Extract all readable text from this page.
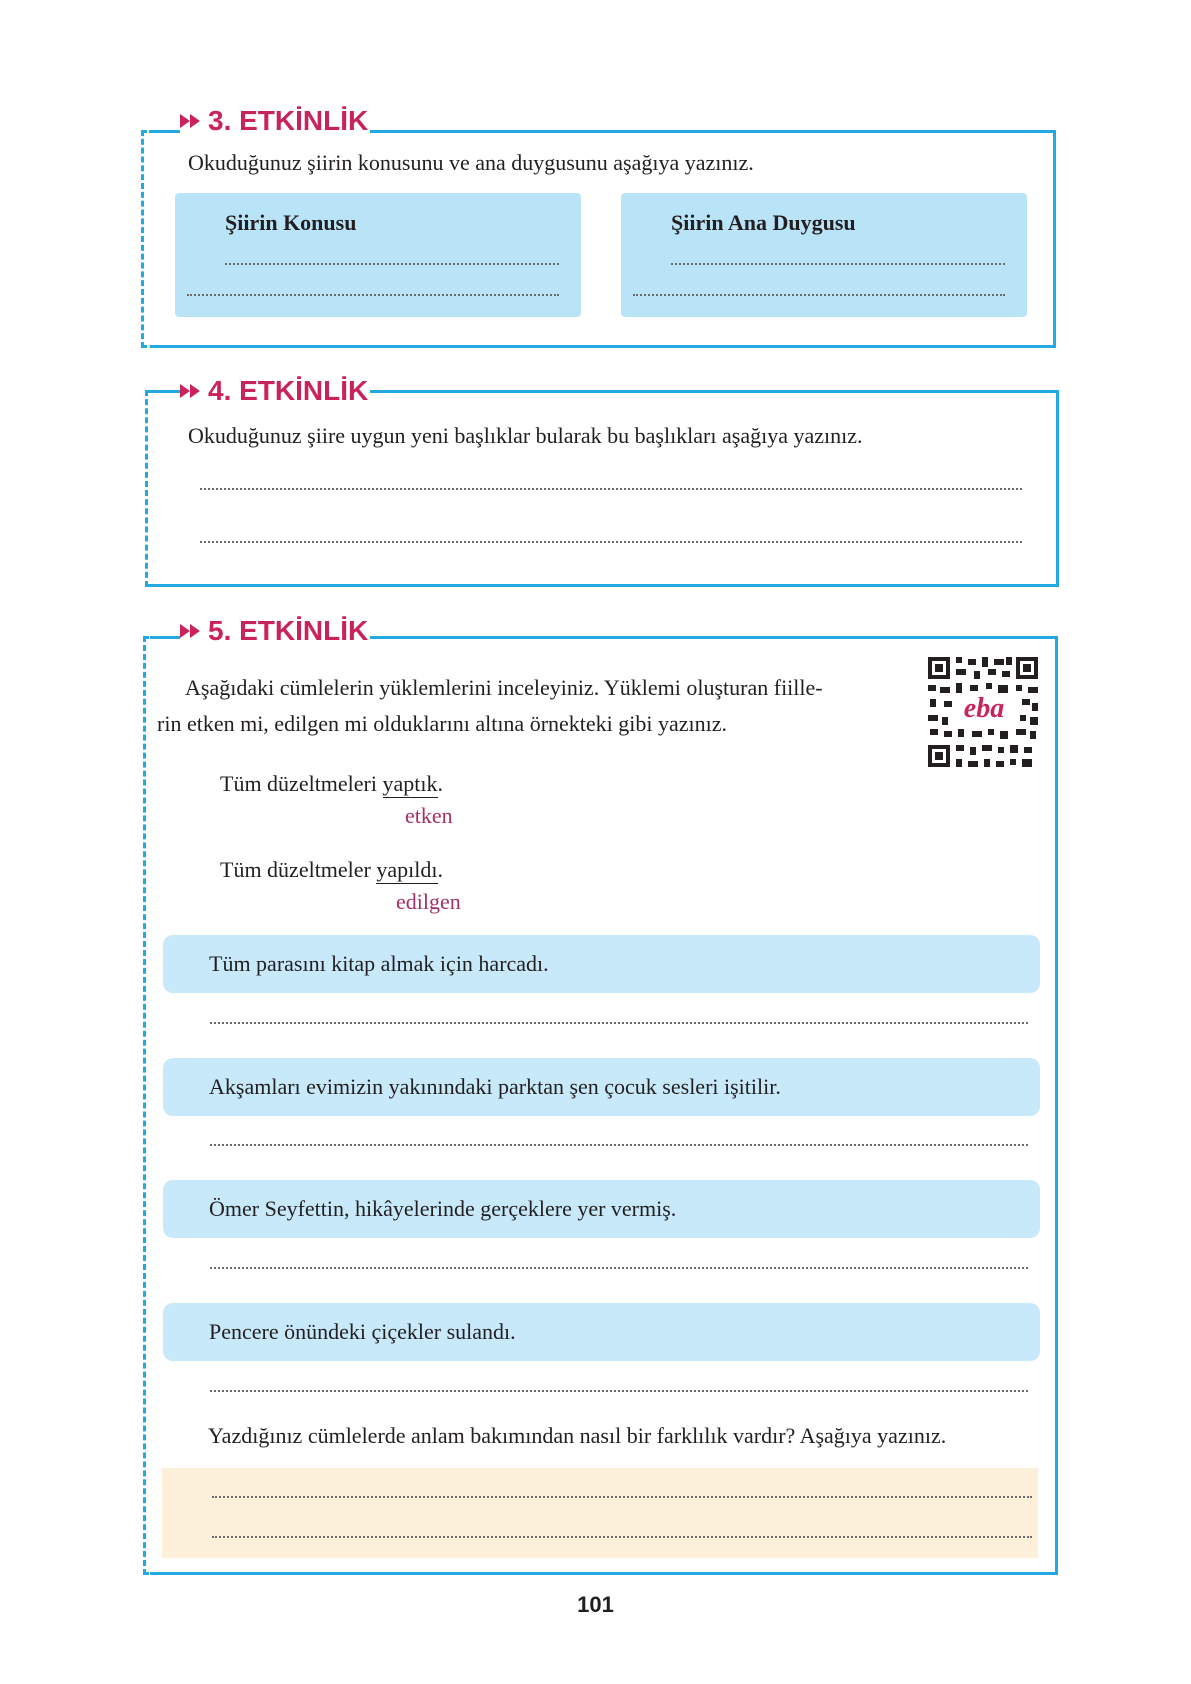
3. ETKİNLİK
Okuduğunuz şiirin konusunu ve ana duygusunu aşağıya yazınız.
Şiirin Konusu	Şiirin Ana Duygusu
4. ETKİNLİK
Okuduğunuz şiire uygun yeni başlıklar bularak bu başlıkları aşağıya yazınız.
5. ETKİNLİK
Aşağıdaki cümlelerin yüklemlerini inceleyiniz. Yüklemi oluşturan fiille-
rin etken mi, edilgen mi olduklarını altına örnekteki gibi yazınız.	eba
Tüm düzeltmeleri yaptık.
etken
Tüm düzeltmeler yapıldı.
edilgen
Tüm parasını kitap almak için harcadı.
Akşamları evimizin yakınındaki parktan şen çocuk sesleri işitilir.
Ömer Seyfettin, hikâyelerinde gerçeklere yer vermiş.
Pencere önündeki çiçekler sulandı.
Yazdığınız cümlelerde anlam bakımından nasıl bir farklılık vardır? Aşağıya yazınız.
101
